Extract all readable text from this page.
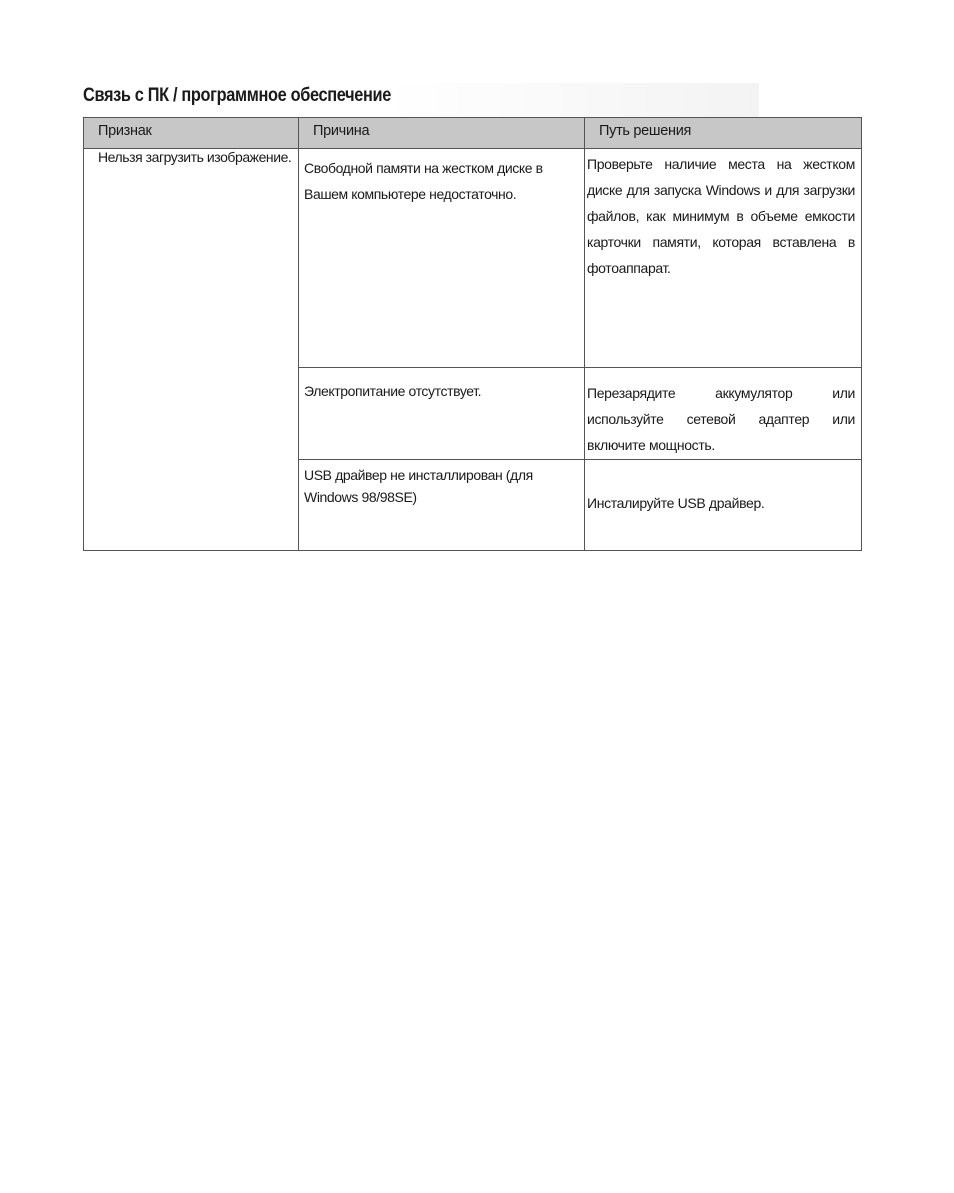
Связь с ПК / программное обеспечение
Признак	Причина	Путь решения
Нельзя загрузить изображение.	Свободной памяти на жестком диске в Вашем компьютере недостаточно.	Проверьте наличие места на жестком диске для запуска Windows и для загрузки файлов, как минимум в объеме емкости карточки памяти, которая вставлена в фотоаппарат.
	Электропитание отсутствует.	Перезарядите аккумулятор или используйте сетевой адаптер или включите мощность.
	USB драйвер не инсталлирован (для Windows 98/98SE)	Инсталируйте USB драйвер.
